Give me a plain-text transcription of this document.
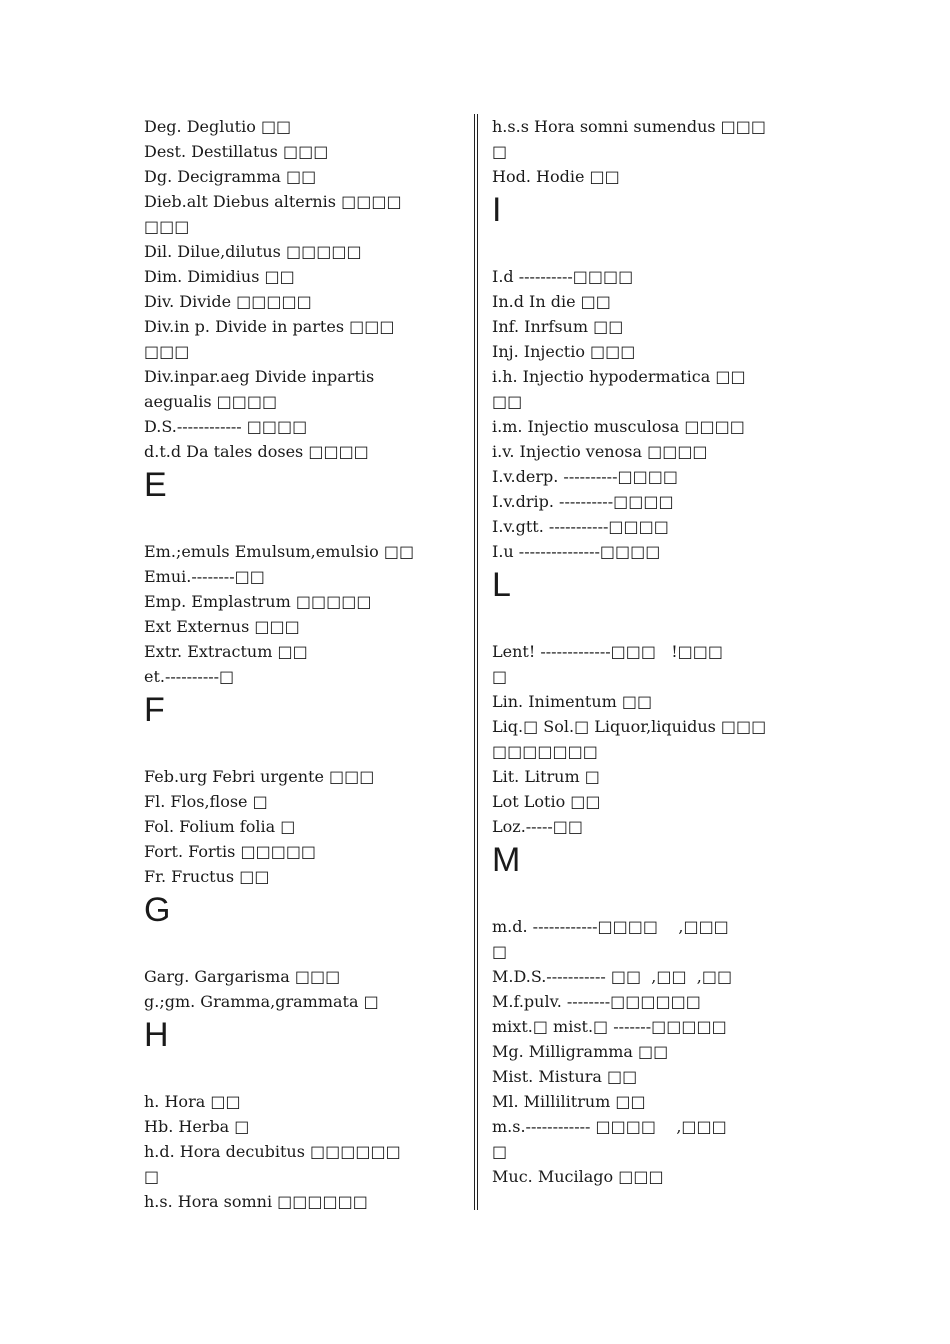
Deg. Deglutio □□
Dest. Destillatus □□□
Dg. Decigramma □□
Dieb.alt Diebus alternis □□□□
□□□
Dil. Dilue,dilutus □□□□□
Dim. Dimidius □□
Div. Divide □□□□□
Div.in p. Divide in partes □□□
□□□
Div.inpar.aeg Divide inpartis
aegualis □□□□
D.S.------------ □□□□
d.t.d Da tales doses □□□□
E
Em.;emuls Emulsum,emulsio □□
Emui.--------□□
Emp. Emplastrum □□□□□
Ext Externus □□□
Extr. Extractum □□
et.----------□
F
Feb.urg Febri urgente □□□
Fl. Flos,flose □
Fol. Folium folia □
Fort. Fortis □□□□□
Fr. Fructus □□
G
Garg. Gargarisma □□□
g.;gm. Gramma,grammata □
H
h. Hora □□
Hb. Herba □
h.d. Hora decubitus □□□□□□
□
h.s. Hora somni □□□□□□
h.s.s Hora somni sumendus □□□
□
Hod. Hodie □□
I
I.d ----------□□□□
In.d In die □□
Inf. Inrfsum □□
Inj. Injectio □□□
i.h. Injectio hypodermatica □□
□□
i.m. Injectio musculosa □□□□
i.v. Injectio venosa □□□□
I.v.derp. ----------□□□□
I.v.drip. ----------□□□□
I.v.gtt. -----------□□□□
I.u ---------------□□□□
L
Lent! -------------□□□   !□□□
□
Lin. Inimentum □□
Liq.□ Sol.□ Liquor,liquidus □□□
□□□□□□□
Lit. Litrum □
Lot Lotio □□
Loz.-----□□
M
m.d. ------------□□□□    ,□□□
□
M.D.S.----------- □□  ,□□  ,□□
M.f.pulv. --------□□□□□□
mixt.□ mist.□ -------□□□□□
Mg. Milligramma □□
Mist. Mistura □□
Ml. Millilitrum □□
m.s.------------ □□□□    ,□□□
□
Muc. Mucilago □□□
